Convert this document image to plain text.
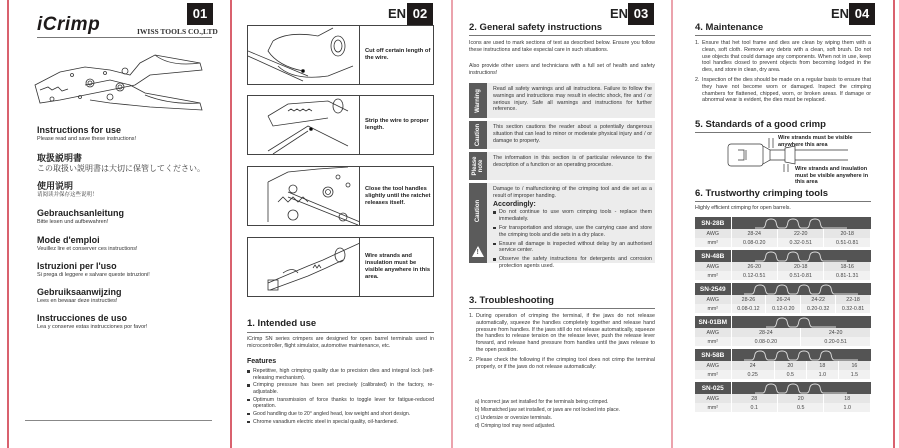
01
iCrimp	IWISS TOOLS CO.,LTD
Instructions for use
Please read and save these instructions!
取扱説明書
この取扱い説明書は大切に保管してください。
使用说明
请阅读并保存这些说明！
Gebrauchsanleitung
Bitte lesen und aufbewahren!
Mode d'emploi
Veuillez lire et conserver ces instructions!
Istruzioni per l'uso
Si prega di leggere e salvare queste istruzioni!
Gebruiksaanwijzing
Lees en bewaar deze instructies!
Instrucciones de uso
Lea y conserve estas instrucciones por favor!
EN 02
Cut off certain length of the wire.
Strip the wire to proper length.
Close the tool handles slightly until the ratchet releases itself.
Wire strands and insulation must be visible anywhere in this area.
1. Intended use
iCrimp SN series crimpers are designed for open barrel terminals used in microcontroller, flight simulator, automotive maintenance, etc.
Features
Repetitive, high crimping quality due to precision dies and integral lock (self-releasing mechanism).
Crimping pressure has been set precisely (calibrated) in the factory, re-adjustable.
Optimum transmission of force thanks to toggle lever for fatigue-reduced operation.
Good handling due to 20° angled head, low weight and short design.
Chrome vanadium electric steel in special quality, oil-hardened.
EN 03
2. General safety instructions
Icons are used to mark sections of text as described below. Ensure you follow these instructions and take especial care in such situations.
Also provide other users and technicians with a full set of health and safety instructions!
Warning Read all safety warnings and all instructions. Failure to follow the warnings and instructions may result in electric shock, fire and / or serious injury. Safe all warnings and instructions for further reference.
Caution This section cautions the reader about a potentially dangerous situation that can lead to minor or moderate physical injury and / or damage to property.
Please note
The information in this section is of particular relevance to the description of a function or an operating procedure.
Caution
!
Damage to / malfunctioning of the crimping tool and die set as a result of improper handing.
Accordingly:
Do not continue to use worn crimping tools - replace them immediately.
For transportation and storage, use the carrying case and store the crimping tools and die sets in a dry place.
Ensure all damage is inspected without delay by an authorised service center.
Observe the safety instructions for detergents and corrosion protection agents used.
3. Troubleshooting
1. During operation of crimping the terminal, if the jaws do not release automatically, squeeze the handles completely together and release hand pressure from handles. If the jaws still do not release automatically, squeeze the handles to release tension on the release lever, push the release lever forward, and release hand pressure from handles until the jaws release to the open position.
2. Please check the following if the crimping tool does not crimp the terminal properly, or if the jaws do not release automatically:
a) Incorrect jaw set installed for the terminals being crimped.
b) Mismatched jaw set installed, or jaws are not locked into place.
c) Undersize or oversize terminals.
d) Crimping tool may need adjusted.
EN 04
4. Maintenance
1. Ensure that het tool frame and dies are clean by wiping them with a clean, soft cloth. Remove any debris with a clean, soft brush. Do not use objects that could damage any components. When not in use, keep tool handles closed to prevent objects from becoming lodged in the dies, and store in clean, dry area.
2. Inspection of the dies should be made on a regular basis to ensure that they have not become worn or damaged. Inspect the crimping chambers for flattened, chipped, worn, or broken areas. If damage or abnormal wear is evident, the dies must be replaced.
5. Standards of a good crimp
Wire strands must be visible anywhere this area
Wire strands and insulation must be visible anywhere in this area
6. Trustworthy crimping tools
Highly efficient crimping for open barrels.
SN-28B	

AWG	28-24	22-20	20-18
mm²	0.08-0.20	0.32-0.51	0.51-0.81
SN-48B	

AWG	26-20	20-18	18-16
mm²	0.12-0.51	0.51-0.81	0.81-1.31
SN-2549	

AWG	28-26	26-24	24-22	22-18
mm²	0.08-0.12	0.12-0.20	0.20-0.32	0.32-0.81
SN-01BM	

AWG	28-24	24-20
mm²	0.08-0.20	0.20-0.51
SN-58B	

AWG	24	20	18	16
mm²	0.25	0.5	1.0	1.5
SN-025	

AWG	28	20	18
mm²	0.1	0.5	1.0
